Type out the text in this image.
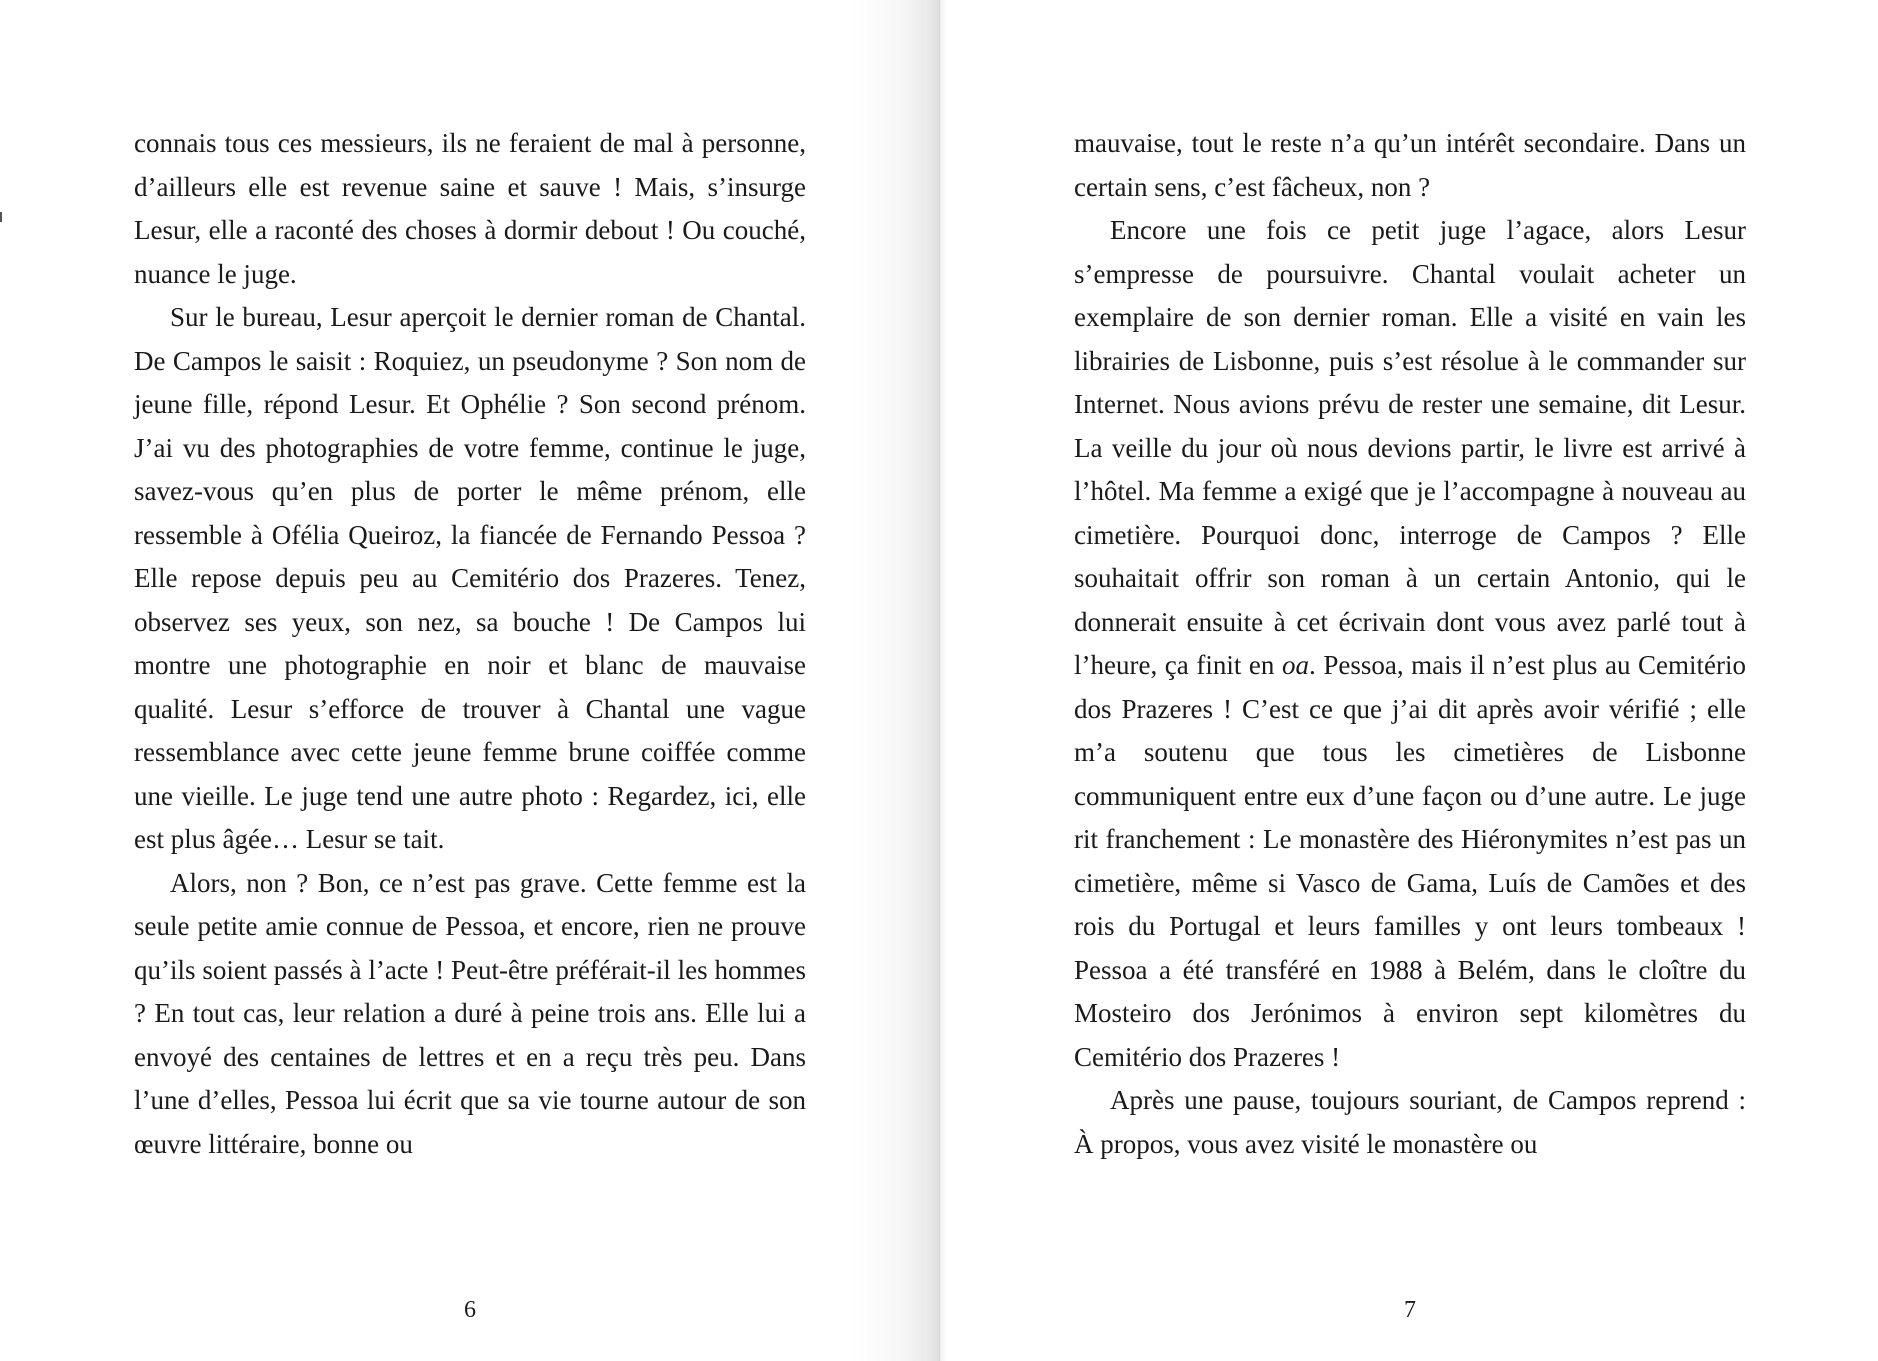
connais tous ces messieurs, ils ne feraient de mal à personne, d’ailleurs elle est revenue saine et sauve ! Mais, s’insurge Lesur, elle a raconté des choses à dormir debout ! Ou couché, nuance le juge.

Sur le bureau, Lesur aperçoit le dernier roman de Chantal. De Campos le saisit : Roquiez, un pseudonyme ? Son nom de jeune fille, répond Lesur. Et Ophélie ? Son second prénom. J’ai vu des photographies de votre femme, continue le juge, savez-vous qu’en plus de porter le même prénom, elle ressemble à Ofélia Queiroz, la fiancée de Fernando Pessoa ? Elle repose depuis peu au Cemitério dos Prazeres. Tenez, observez ses yeux, son nez, sa bouche ! De Campos lui montre une photographie en noir et blanc de mauvaise qualité. Lesur s’efforce de trouver à Chantal une vague ressemblance avec cette jeune femme brune coiffée comme une vieille. Le juge tend une autre photo : Regardez, ici, elle est plus âgée… Lesur se tait.

Alors, non ? Bon, ce n’est pas grave. Cette femme est la seule petite amie connue de Pessoa, et encore, rien ne prouve qu’ils soient passés à l’acte ! Peut-être préférait-il les hommes ? En tout cas, leur relation a duré à peine trois ans. Elle lui a envoyé des centaines de lettres et en a reçu très peu. Dans l’une d’elles, Pessoa lui écrit que sa vie tourne autour de son œuvre littéraire, bonne ou

6

mauvaise, tout le reste n’a qu’un intérêt secondaire. Dans un certain sens, c’est fâcheux, non ?

Encore une fois ce petit juge l’agace, alors Lesur s’empresse de poursuivre. Chantal voulait acheter un exemplaire de son dernier roman. Elle a visité en vain les librairies de Lisbonne, puis s’est résolue à le commander sur Internet. Nous avions prévu de rester une semaine, dit Lesur. La veille du jour où nous devions partir, le livre est arrivé à l’hôtel. Ma femme a exigé que je l’accompagne à nouveau au cimetière. Pourquoi donc, interroge de Campos ? Elle souhaitait offrir son roman à un certain Antonio, qui le donnerait ensuite à cet écrivain dont vous avez parlé tout à l’heure, ça finit en oa. Pessoa, mais il n’est plus au Cemitério dos Prazeres ! C’est ce que j’ai dit après avoir vérifié ; elle m’a soutenu que tous les cimetières de Lisbonne communiquent entre eux d’une façon ou d’une autre. Le juge rit franchement : Le monastère des Hiéronymites n’est pas un cimetière, même si Vasco de Gama, Luís de Camões et des rois du Portugal et leurs familles y ont leurs tombeaux ! Pessoa a été transféré en 1988 à Belém, dans le cloître du Mosteiro dos Jerónimos à environ sept kilomètres du Cemitério dos Prazeres !

Après une pause, toujours souriant, de Campos reprend : À propos, vous avez visité le monastère ou

7
